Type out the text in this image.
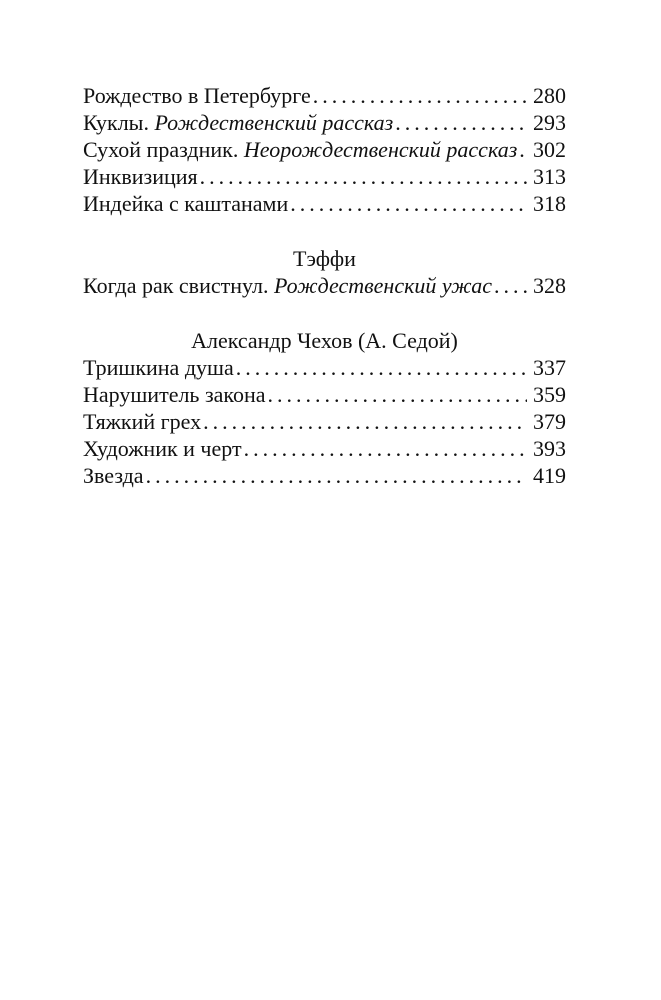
Рождество в Петербурге . . .	280
Куклы. Рождественский рассказ . . .	293
Сухой праздник. Неорождественский рассказ . . . 302
Инквизиция . . .	313
Индейка с каштанами . . .	318
Тэффи
Когда рак свистнул. Рождественский ужас . . . 328
Александр Чехов (А. Седой)
Тришкина душа . . .	337
Нарушитель закона . . .	359
Тяжкий грех . . .	379
Художник и черт . . .	393
Звезда . . .	419
